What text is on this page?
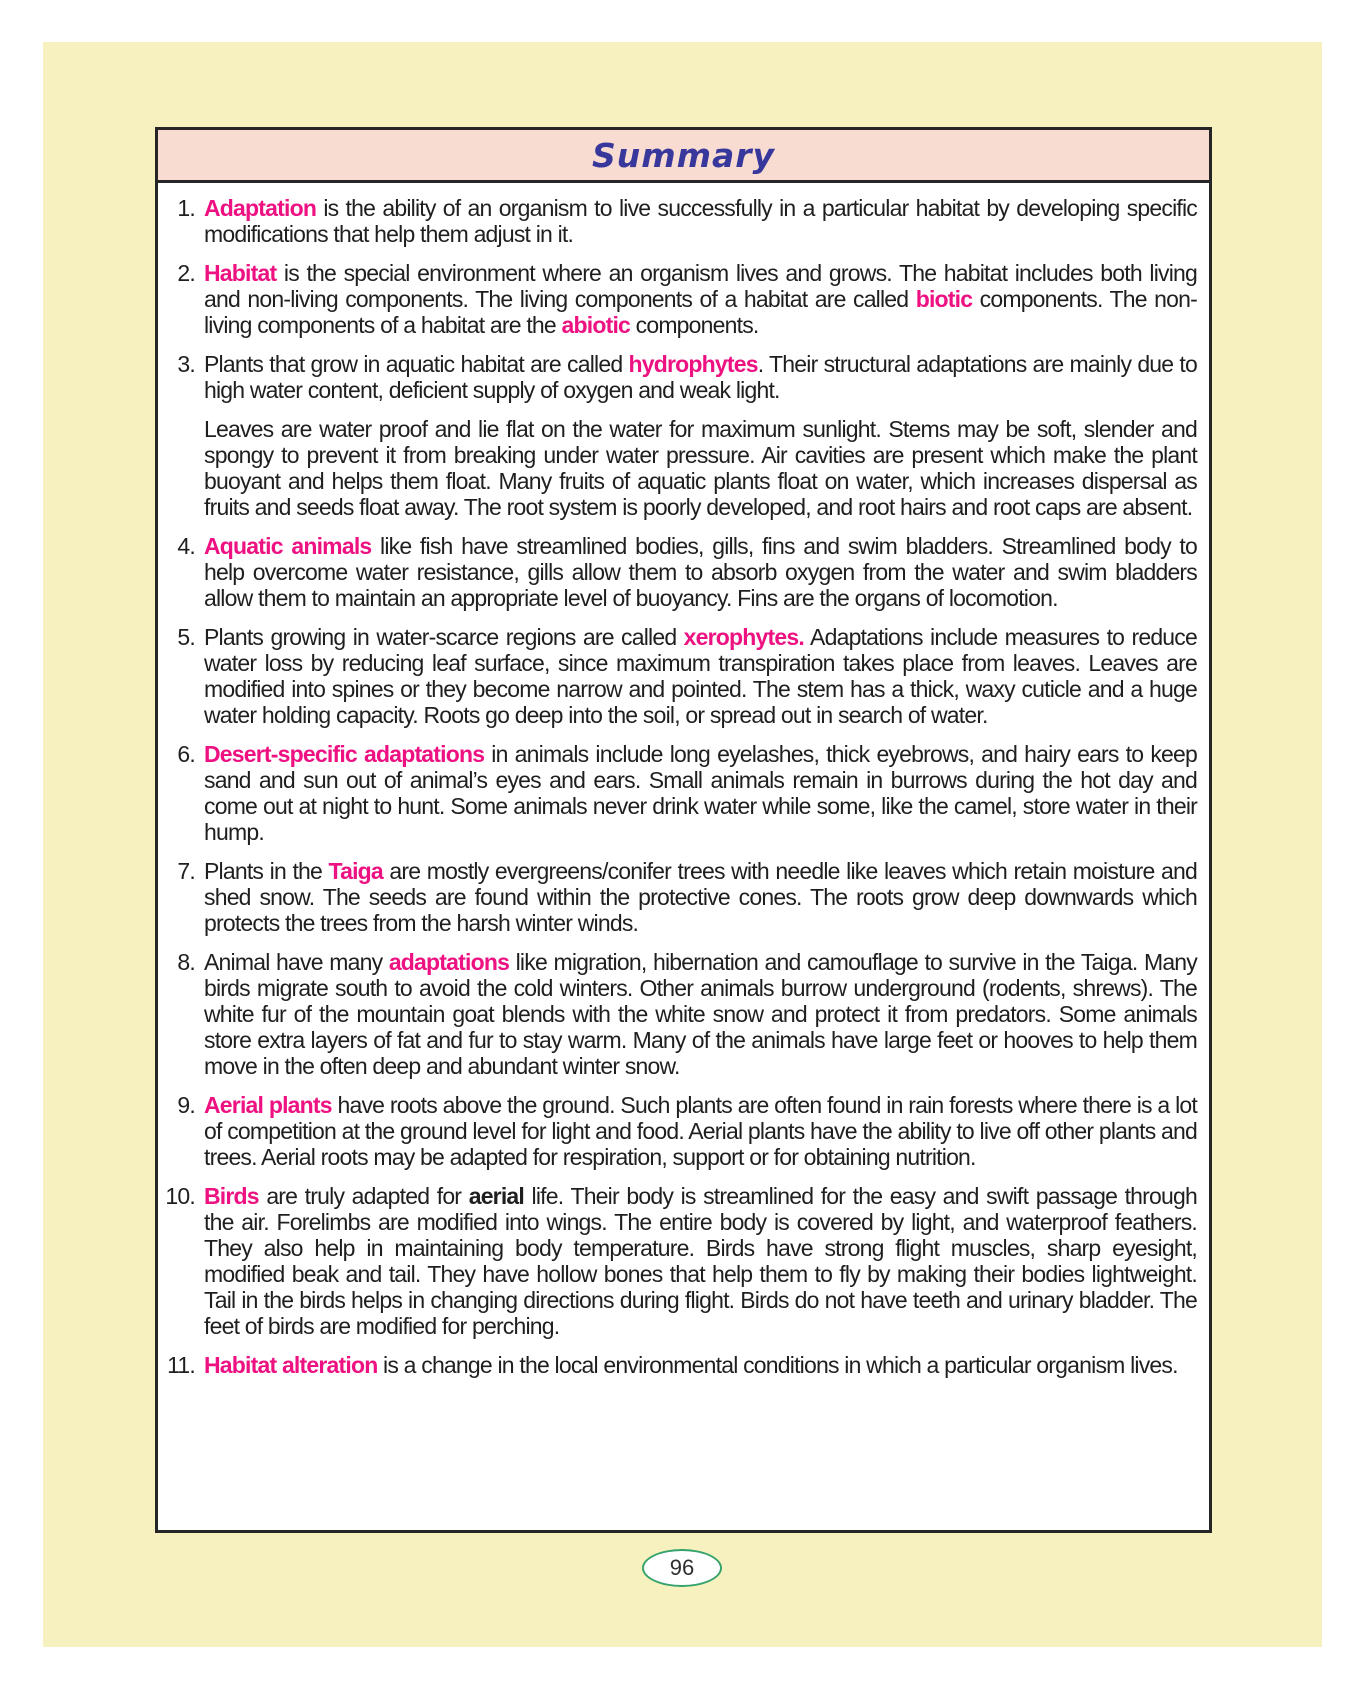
Summary
1. Adaptation is the ability of an organism to live successfully in a particular habitat by developing specific modifications that help them adjust in it.
2. Habitat is the special environment where an organism lives and grows. The habitat includes both living and non-living components. The living components of a habitat are called biotic components. The non-living components of a habitat are the abiotic components.
3. Plants that grow in aquatic habitat are called hydrophytes. Their structural adaptations are mainly due to high water content, deficient supply of oxygen and weak light.
Leaves are water proof and lie flat on the water for maximum sunlight. Stems may be soft, slender and spongy to prevent it from breaking under water pressure. Air cavities are present which make the plant buoyant and helps them float. Many fruits of aquatic plants float on water, which increases dispersal as fruits and seeds float away. The root system is poorly developed, and root hairs and root caps are absent.
4. Aquatic animals like fish have streamlined bodies, gills, fins and swim bladders. Streamlined body to help overcome water resistance, gills allow them to absorb oxygen from the water and swim bladders allow them to maintain an appropriate level of buoyancy. Fins are the organs of locomotion.
5. Plants growing in water-scarce regions are called xerophytes. Adaptations include measures to reduce water loss by reducing leaf surface, since maximum transpiration takes place from leaves. Leaves are modified into spines or they become narrow and pointed. The stem has a thick, waxy cuticle and a huge water holding capacity. Roots go deep into the soil, or spread out in search of water.
6. Desert-specific adaptations in animals include long eyelashes, thick eyebrows, and hairy ears to keep sand and sun out of animal’s eyes and ears. Small animals remain in burrows during the hot day and come out at night to hunt. Some animals never drink water while some, like the camel, store water in their hump.
7. Plants in the Taiga are mostly evergreens/conifer trees with needle like leaves which retain moisture and shed snow. The seeds are found within the protective cones. The roots grow deep downwards which protects the trees from the harsh winter winds.
8. Animal have many adaptations like migration, hibernation and camouflage to survive in the Taiga. Many birds migrate south to avoid the cold winters. Other animals burrow underground (rodents, shrews). The white fur of the mountain goat blends with the white snow and protect it from predators. Some animals store extra layers of fat and fur to stay warm. Many of the animals have large feet or hooves to help them move in the often deep and abundant winter snow.
9. Aerial plants have roots above the ground. Such plants are often found in rain forests where there is a lot of competition at the ground level for light and food. Aerial plants have the ability to live off other plants and trees. Aerial roots may be adapted for respiration, support or for obtaining nutrition.
10. Birds are truly adapted for aerial life. Their body is streamlined for the easy and swift passage through the air. Forelimbs are modified into wings. The entire body is covered by light, and waterproof feathers. They also help in maintaining body temperature. Birds have strong flight muscles, sharp eyesight, modified beak and tail. They have hollow bones that help them to fly by making their bodies lightweight. Tail in the birds helps in changing directions during flight. Birds do not have teeth and urinary bladder. The feet of birds are modified for perching.
11. Habitat alteration is a change in the local environmental conditions in which a particular organism lives.
96
